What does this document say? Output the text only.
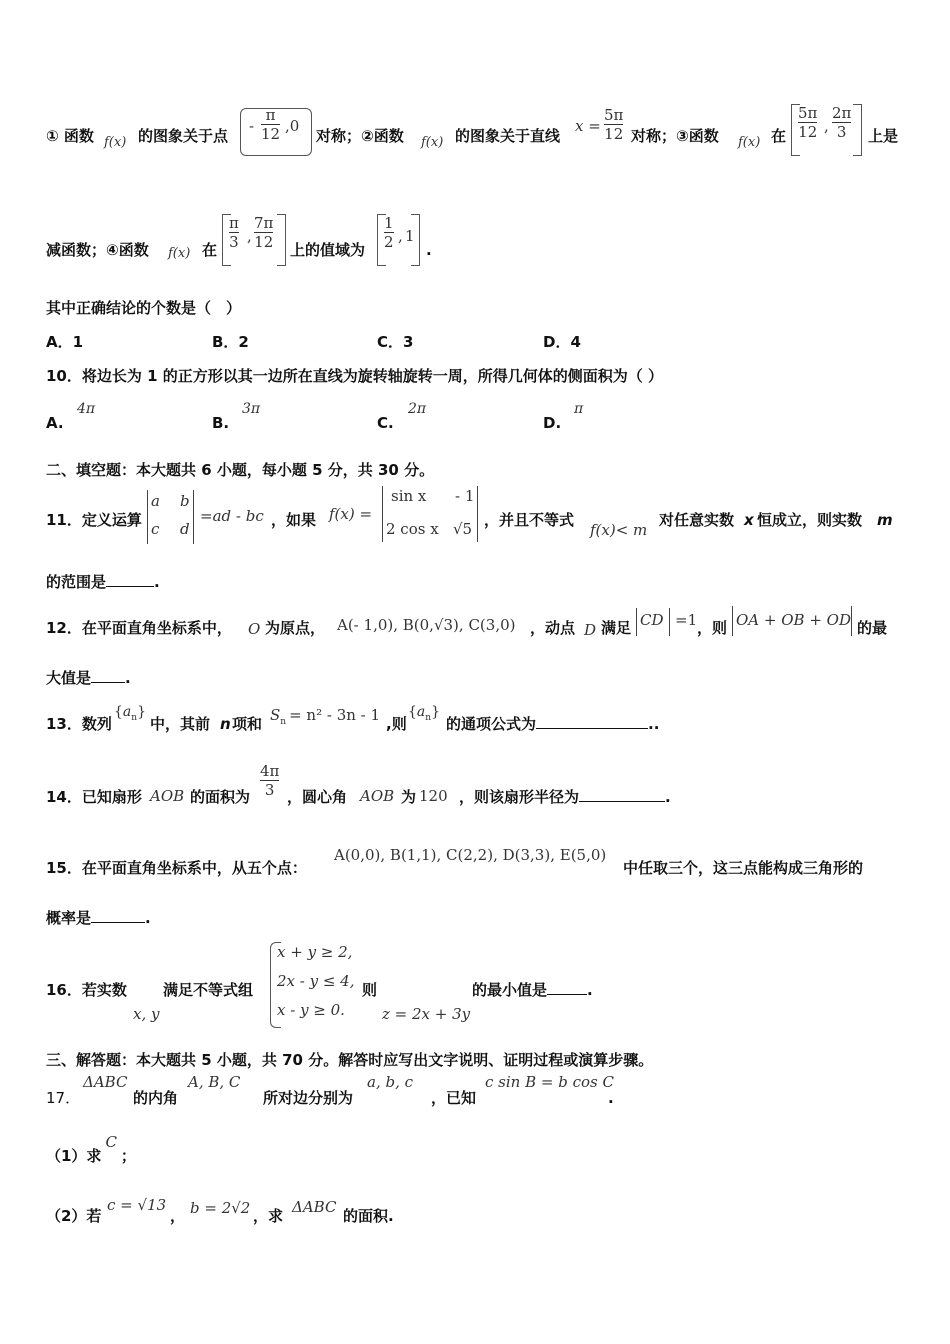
① 函数 f(x) 的图象关于点
- $\frac{\pi}{12} ,0$
对称；②函数 f(x) 的图象关于直线
$x = \frac{5\pi}{12}$ 对称；③函数 f(x) 在 $\frac{5\pi}{12}$ , $\frac{2\pi}{3}$ 上是
减函数；④函数 f(x) 在 $\frac{\pi}{3}$ , $\frac{7\pi}{12}$ 上的值域为 $\frac{1}{2}$ , 1
.
其中正确结论的个数是（　）
A．1	B．2	C．3	D．4
10．将边长为 1 的正方形以其一边所在直线为旋转轴旋转一周，所得几何体的侧面积为（ ）
A.
4π
B.
3π
C.
2π
D.
π
二、填空题：本大题共 6 小题，每小题 5 分，共 30 分。
11．定义运算
a b
c d
=ad - bc ，如果 f(x) =
sin x - 1
2 cos x √5 ，并且不等式
f(x)< m
对任意实数 x 恒成立，则实数 m
的范围是	.
12．在平面直角坐标系中， O 为原点， A(- 1,0), B(0,√3), C(3,0) ，动点 D 满足 CD =1 ，则 OA + OB + OD 的最
大值是 .
13．数列
$\{a_n\}$
中，其前 n 项和 $S_n = n^2 - 3n - 1$ ,则
$\{a_n\}$
的通项公式为	..
14．已知扇形 AOB 的面积为 $\frac{4\pi}{3}$ ，圆心角 AOB 为 120 ，则该扇形半径为	.
15．在平面直角坐标系中，从五个点：
A(0,0), B(1,1), C(2,2), D(3,3), E(5,0)
中任取三个，这三点能构成三角形的
概率是	.
16．若实数
x, y
满足不等式组
x + y ≥ 2,
2x - y ≤ 4,
x - y ≥ 0.
则
z = 2x + 3y
的最小值是	.
三、解答题：本大题共 5 小题，共 70 分。解答时应写出文字说明、证明过程或演算步骤。
17．
ΔABC
的内角
A, B, C
所对边分别为
a, b, c
，已知
c sin B = b cos C
.
（1）求C；
（2）若
c = √13
， b = 2√2 ，求 ΔABC 的面积.
